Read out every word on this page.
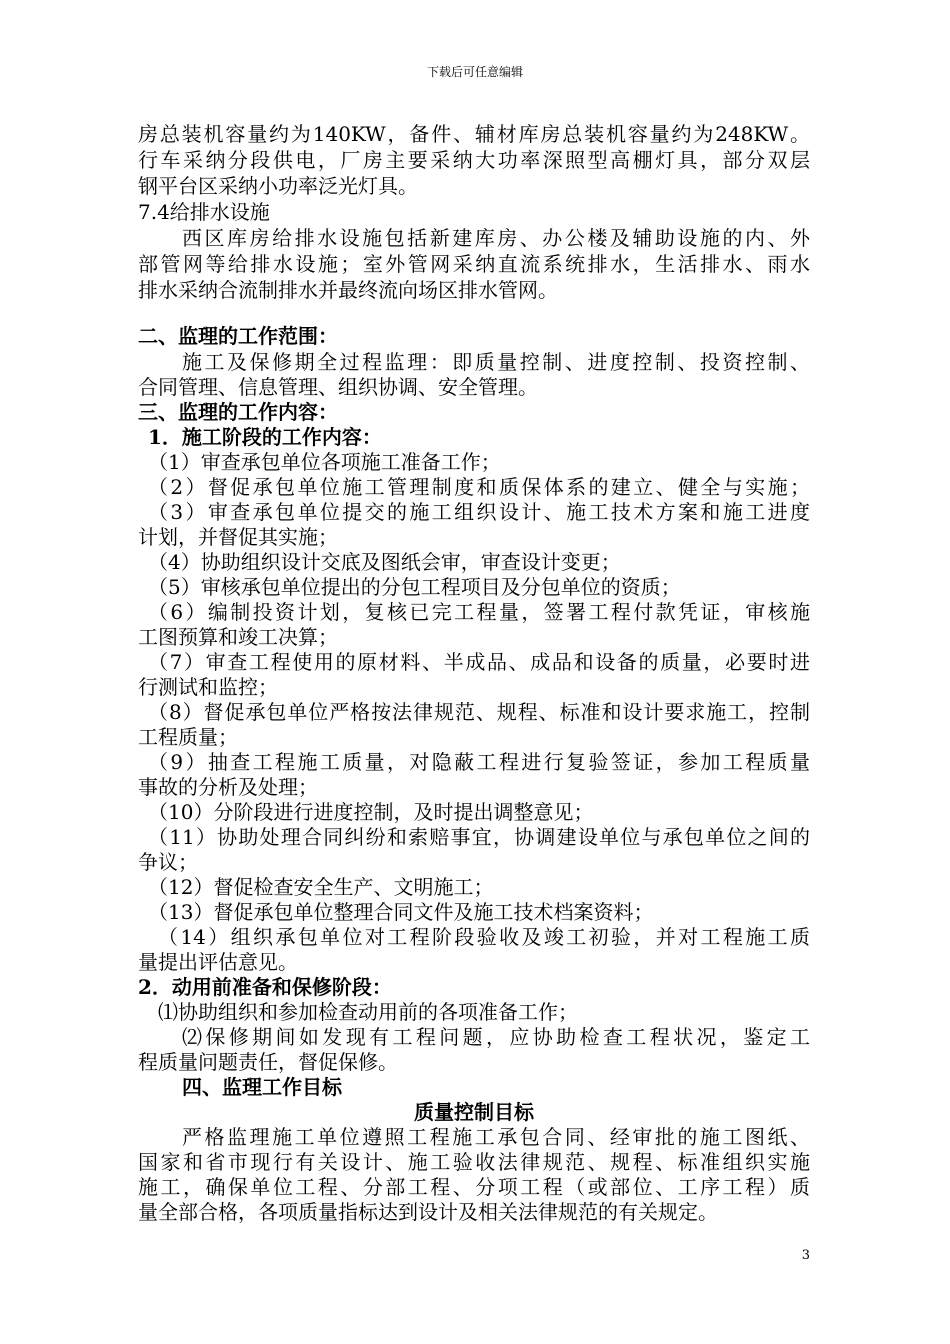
下载后可任意编辑
房总装机容量约为140KW，备件、辅材库房总装机容量约为248KW。
行车采纳分段供电，厂房主要采纳大功率深照型高棚灯具，部分双层
钢平台区采纳小功率泛光灯具。
7.4给排水设施
西区库房给排水设施包括新建库房、办公楼及辅助设施的内、外
部管网等给排水设施；室外管网采纳直流系统排水，生活排水、雨水
排水采纳合流制排水并最终流向场区排水管网。
二、监理的工作范围：
施工及保修期全过程监理：即质量控制、进度控制、投资控制、
合同管理、信息管理、组织协调、安全管理。
三、监理的工作内容：
1．施工阶段的工作内容：
（1）审查承包单位各项施工准备工作；
（2）督促承包单位施工管理制度和质保体系的建立、健全与实施；
（3）审查承包单位提交的施工组织设计、施工技术方案和施工进度
计划，并督促其实施；
（4）协助组织设计交底及图纸会审，审查设计变更；
（5）审核承包单位提出的分包工程项目及分包单位的资质；
（6）编制投资计划，复核已完工程量，签署工程付款凭证，审核施
工图预算和竣工决算；
（7）审查工程使用的原材料、半成品、成品和设备的质量，必要时进
行测试和监控；
（8）督促承包单位严格按法律规范、规程、标准和设计要求施工，控制
工程质量；
（9）抽查工程施工质量，对隐蔽工程进行复验签证，参加工程质量
事故的分析及处理；
（10）分阶段进行进度控制，及时提出调整意见；
（11）协助处理合同纠纷和索赔事宜，协调建设单位与承包单位之间的
争议；
（12）督促检查安全生产、文明施工；
（13）督促承包单位整理合同文件及施工技术档案资料；
（14）组织承包单位对工程阶段验收及竣工初验，并对工程施工质
量提出评估意见。
2．动用前准备和保修阶段：
⑴协助组织和参加检查动用前的各项准备工作；
⑵保修期间如发现有工程问题，应协助检查工程状况，鉴定工
程质量问题责任，督促保修。
四、监理工作目标
质量控制目标
严格监理施工单位遵照工程施工承包合同、经审批的施工图纸、
国家和省市现行有关设计、施工验收法律规范、规程、标准组织实施
施工，确保单位工程、分部工程、分项工程（或部位、工序工程）质
量全部合格，各项质量指标达到设计及相关法律规范的有关规定。
3
